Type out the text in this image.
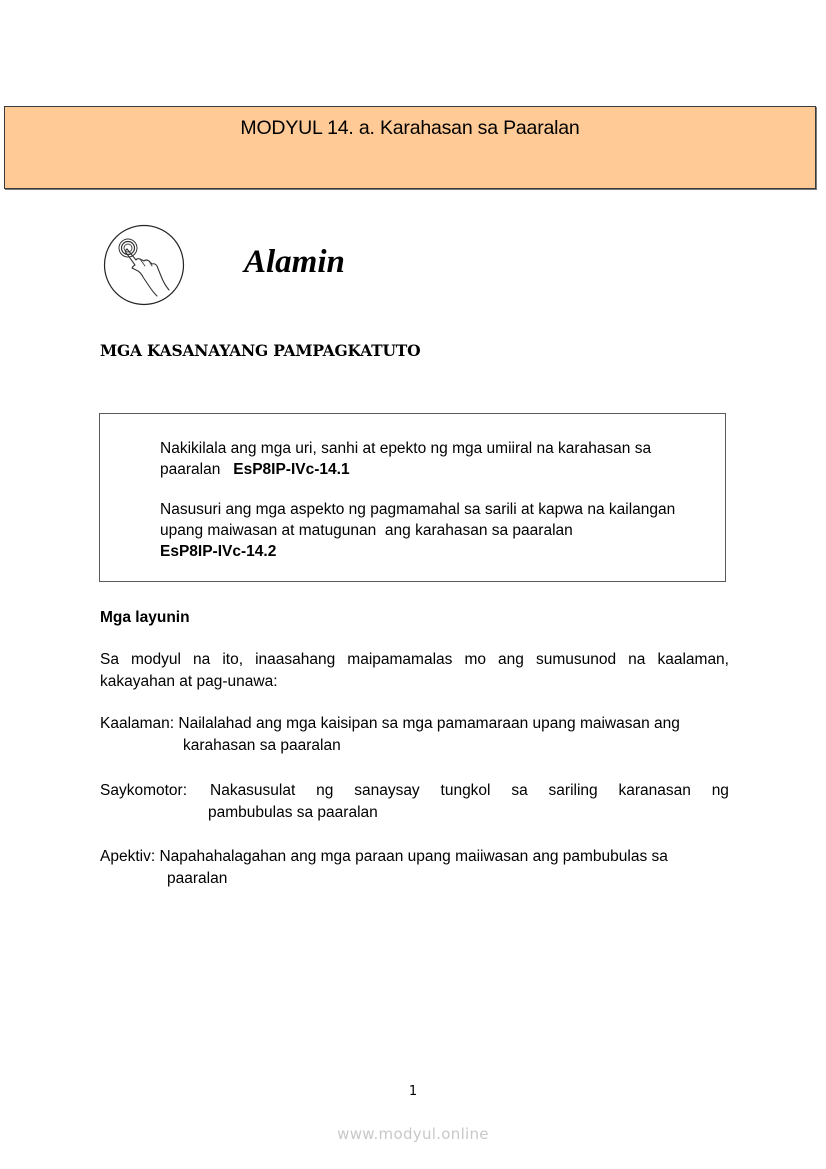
MODYUL 14. a. Karahasan sa Paaralan
Alamin
MGA KASANAYANG PAMPAGKATUTO
Nakikilala ang mga uri, sanhi at epekto ng mga umiiral na karahasan sa
paaralan EsP8IP-IVc-14.1
Nasusuri ang mga aspekto ng pagmamahal sa sarili at kapwa na kailangan
upang maiwasan at matugunan  ang karahasan sa paaralan
EsP8IP-IVc-14.2
Mga layunin
Sa modyul na ito, inaasahang maipamamalas mo ang sumusunod na kaalaman, kakayahan at pag-unawa:
Kaalaman: Nailalahad ang mga kaisipan sa mga pamamaraan upang maiwasan ang
karahasan sa paaralan
Saykomotor: Nakasusulat ng sanaysay tungkol sa sariling karanasan ng
pambubulas sa paaralan
Apektiv: Napahahalagahan ang mga paraan upang maiiwasan ang pambubulas sa
paaralan
1
www.modyul.online
